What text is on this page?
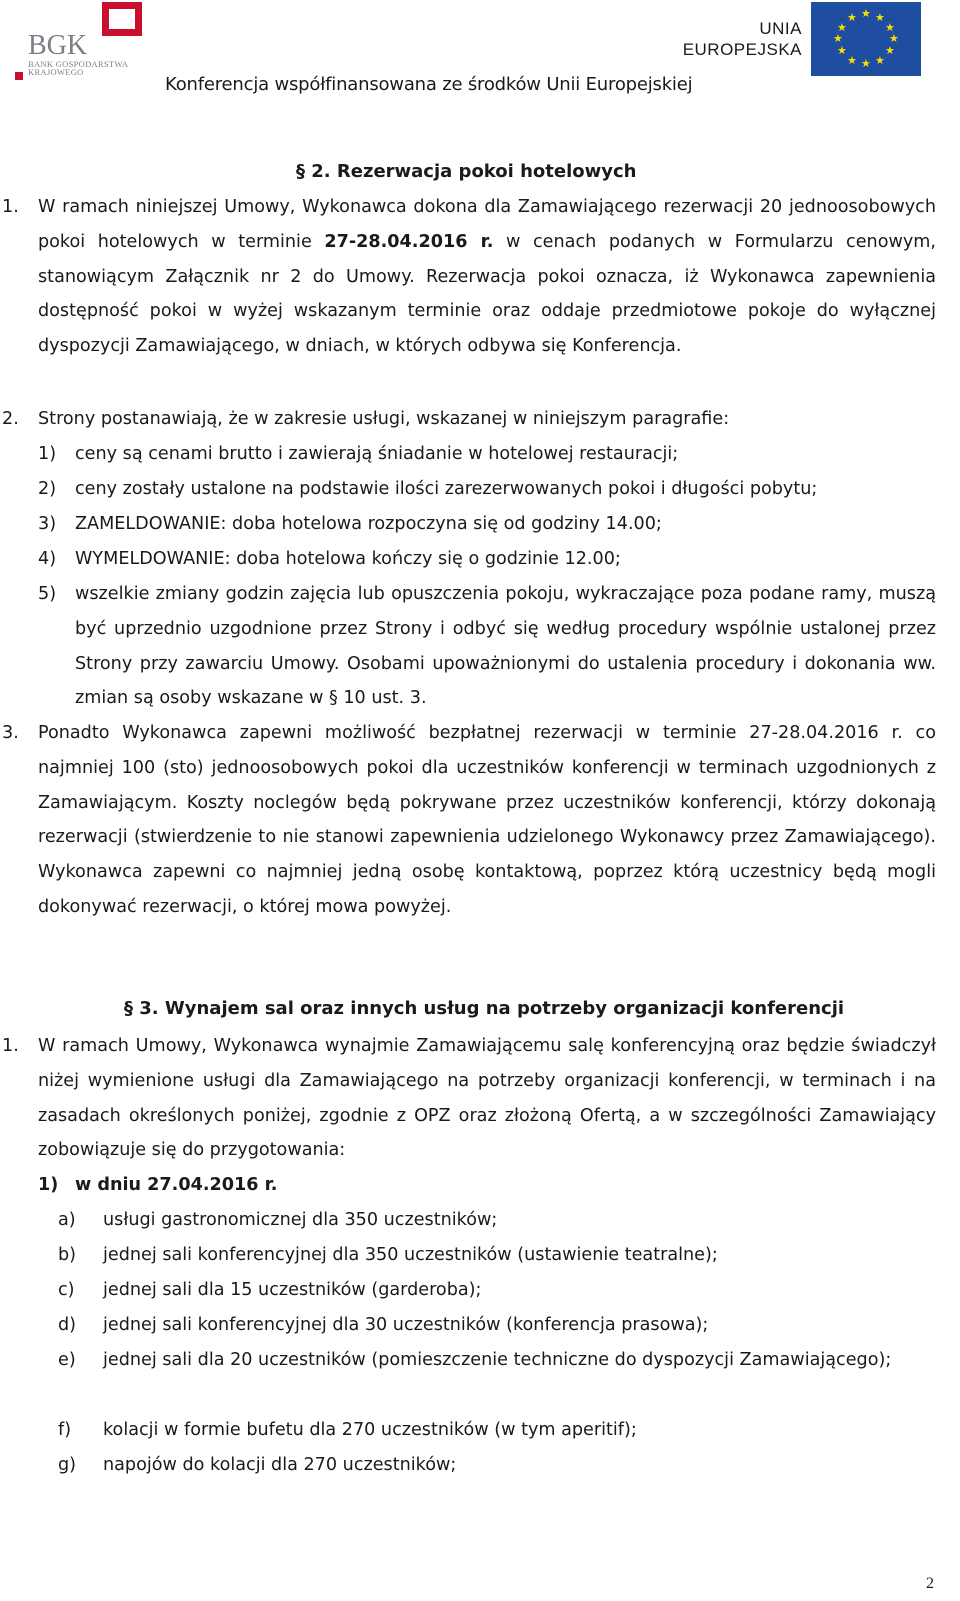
BGK
BANK GOSPODARSTWA
KRAJOWEGO
UNIA
EUROPEJSKA
★ ★
★
★
★
★
★
★
★
★
★
★
Konferencja współfinansowana ze środków Unii Europejskiej
§ 2. Rezerwacja pokoi hotelowych
1. W ramach niniejszej Umowy, Wykonawca dokona dla Zamawiającego rezerwacji 20 jednoosobowych pokoi hotelowych w terminie 27-28.04.2016 r. w cenach podanych w Formularzu cenowym, stanowiącym Załącznik nr 2 do Umowy. Rezerwacja pokoi oznacza, iż Wykonawca zapewnienia dostępność pokoi w wyżej wskazanym terminie oraz oddaje przedmiotowe pokoje do wyłącznej dyspozycji Zamawiającego, w dniach, w których odbywa się Konferencja.
2. Strony postanawiają, że w zakresie usługi, wskazanej w niniejszym paragrafie:
1) ceny są cenami brutto i zawierają śniadanie w hotelowej restauracji;
2) ceny zostały ustalone na podstawie ilości zarezerwowanych pokoi i długości pobytu;
3) ZAMELDOWANIE: doba hotelowa rozpoczyna się od godziny 14.00;
4) WYMELDOWANIE: doba hotelowa kończy się o godzinie 12.00;
5) wszelkie zmiany godzin zajęcia lub opuszczenia pokoju, wykraczające poza podane ramy, muszą być uprzednio uzgodnione przez Strony i odbyć się według procedury wspólnie ustalonej przez Strony przy zawarciu Umowy. Osobami upoważnionymi do ustalenia procedury i dokonania ww. zmian są osoby wskazane w § 10 ust. 3.
3. Ponadto Wykonawca zapewni możliwość bezpłatnej rezerwacji w terminie 27-28.04.2016 r. co najmniej 100 (sto) jednoosobowych pokoi dla uczestników konferencji w terminach uzgodnionych z Zamawiającym. Koszty noclegów będą pokrywane przez uczestników konferencji, którzy dokonają rezerwacji (stwierdzenie to nie stanowi zapewnienia udzielonego Wykonawcy przez Zamawiającego). Wykonawca zapewni co najmniej jedną osobę kontaktową, poprzez którą uczestnicy będą mogli dokonywać rezerwacji, o której mowa powyżej.
§ 3. Wynajem sal oraz innych usług na potrzeby organizacji konferencji
1. W ramach Umowy, Wykonawca wynajmie Zamawiającemu salę konferencyjną oraz będzie świadczył niżej wymienione usługi dla Zamawiającego na potrzeby organizacji konferencji, w terminach i na zasadach określonych poniżej, zgodnie z OPZ oraz złożoną Ofertą, a w szczególności Zamawiający zobowiązuje się do przygotowania:
1) w dniu 27.04.2016 r.
a) usługi gastronomicznej dla 350 uczestników;
b) jednej sali konferencyjnej dla 350 uczestników (ustawienie teatralne);
c) jednej sali dla 15 uczestników (garderoba);
d) jednej sali konferencyjnej dla 30 uczestników (konferencja prasowa);
e) jednej sali dla 20 uczestników (pomieszczenie techniczne do dyspozycji Zamawiającego);
f) kolacji w formie bufetu dla 270 uczestników (w tym aperitif);
g) napojów do kolacji dla 270 uczestników;
2
